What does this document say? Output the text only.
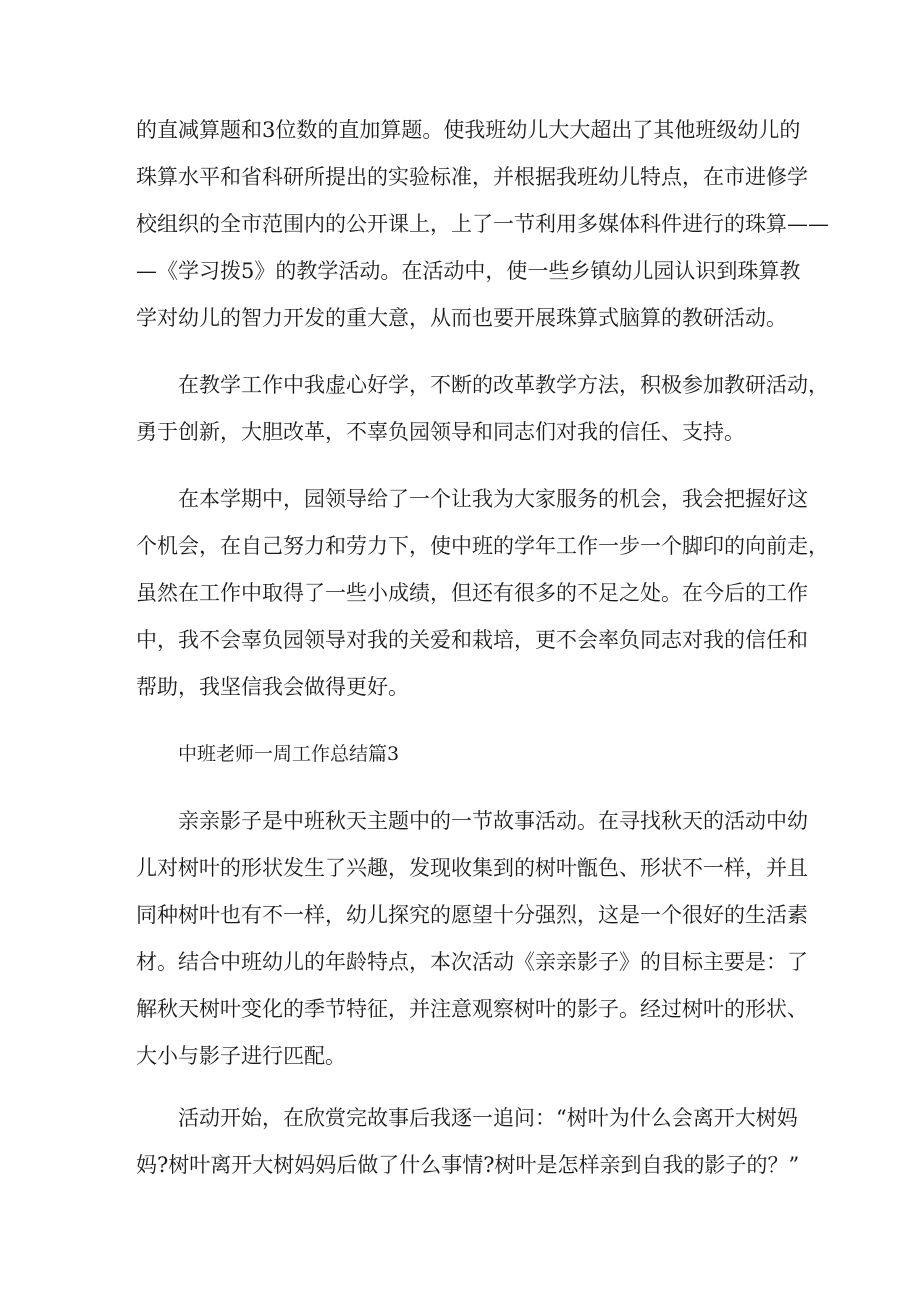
的直减算题和3位数的直加算题。使我班幼儿大大超出了其他班级幼儿的

珠算水平和省科研所提出的实验标准，并根据我班幼儿特点，在市进修学

校组织的全市范围内的公开课上，上了一节利用多媒体科件进行的珠算——

—《学习拨5》的教学活动。在活动中，使一些乡镇幼儿园认识到珠算教

学对幼儿的智力开发的重大意，从而也要开展珠算式脑算的教研活动。

在教学工作中我虚心好学，不断的改革教学方法，积极参加教研活动，

勇于创新，大胆改革，不辜负园领导和同志们对我的信任、支持。

在本学期中，园领导给了一个让我为大家服务的机会，我会把握好这

个机会，在自己努力和劳力下，使中班的学年工作一步一个脚印的向前走，

虽然在工作中取得了一些小成绩，但还有很多的不足之处。在今后的工作

中，我不会辜负园领导对我的关爱和栽培，更不会率负同志对我的信任和

帮助，我坚信我会做得更好。

中班老师一周工作总结篇3

亲亲影子是中班秋天主题中的一节故事活动。在寻找秋天的活动中幼

儿对树叶的形状发生了兴趣，发现收集到的树叶甑色、形状不一样，并且

同种树叶也有不一样，幼儿探究的愿望十分强烈，这是一个很好的生活素

材。结合中班幼儿的年龄特点，本次活动《亲亲影子》的目标主要是：了

解秋天树叶变化的季节特征，并注意观察树叶的影子。经过树叶的形状、

大小与影子进行匹配。

活动开始，在欣赏完故事后我逐一追问：“树叶为什么会离开大树妈

妈?树叶离开大树妈妈后做了什么事情?树叶是怎样亲到自我的影子的？”
